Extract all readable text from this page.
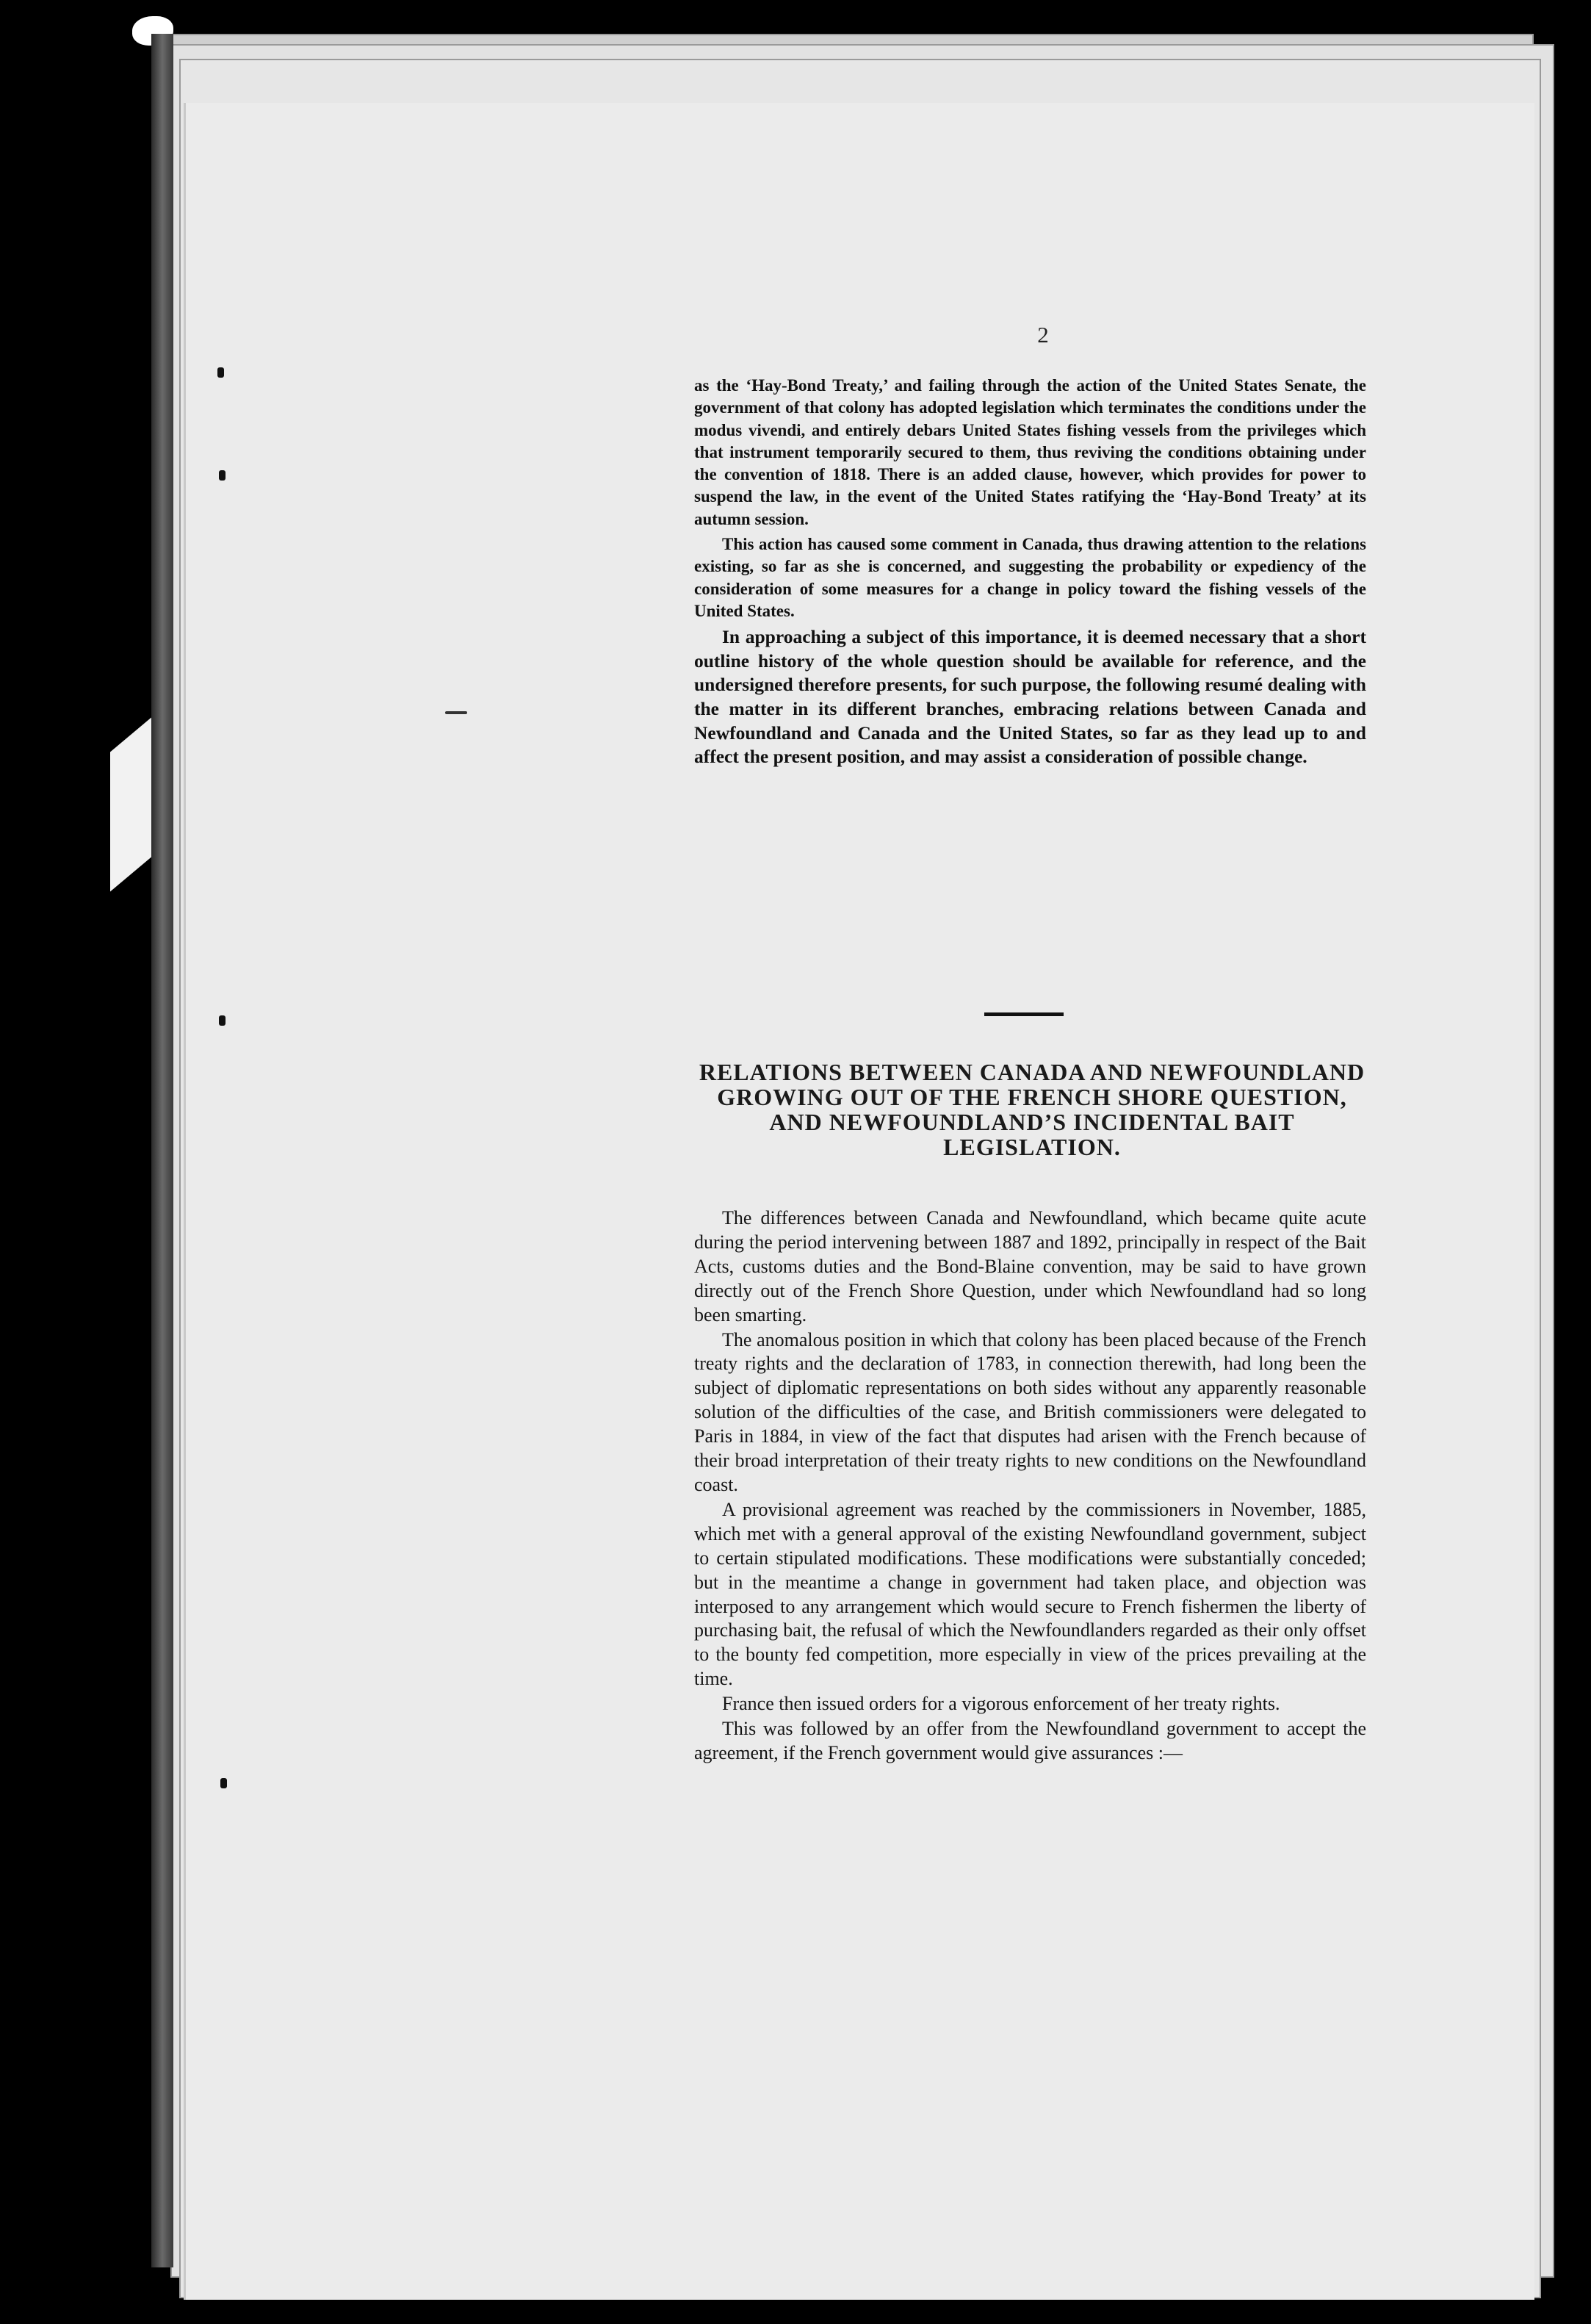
2

as the ‘Hay-Bond Treaty,’ and failing through the action of the United States Senate, the government of that colony has adopted legislation which terminates the conditions under the modus vivendi, and entirely debars United States fishing vessels from the privileges which that instrument temporarily secured to them, thus reviving the conditions obtaining under the convention of 1818. There is an added clause, however, which provides for power to suspend the law, in the event of the United States ratifying the ‘Hay-Bond Treaty’ at its autumn session.

This action has caused some comment in Canada, thus drawing attention to the relations existing, so far as she is concerned, and suggesting the probability or expediency of the consideration of some measures for a change in policy toward the fishing vessels of the United States.

In approaching a subject of this importance, it is deemed necessary that a short outline history of the whole question should be available for reference, and the undersigned therefore presents, for such purpose, the following resumé dealing with the matter in its different branches, embracing relations between Canada and Newfoundland and Canada and the United States, so far as they lead up to and affect the present position, and may assist a consideration of possible change.

RELATIONS BETWEEN CANADA AND NEWFOUNDLAND GROWING OUT OF THE FRENCH SHORE QUESTION, AND NEWFOUNDLAND’S INCIDENTAL BAIT LEGISLATION.

The differences between Canada and Newfoundland, which became quite acute during the period intervening between 1887 and 1892, principally in respect of the Bait Acts, customs duties and the Bond-Blaine convention, may be said to have grown directly out of the French Shore Question, under which Newfoundland had so long been smarting.

The anomalous position in which that colony has been placed because of the French treaty rights and the declaration of 1783, in connection therewith, had long been the subject of diplomatic representations on both sides without any apparently reasonable solution of the difficulties of the case, and British commissioners were delegated to Paris in 1884, in view of the fact that disputes had arisen with the French because of their broad interpretation of their treaty rights to new conditions on the Newfoundland coast.

A provisional agreement was reached by the commissioners in November, 1885, which met with a general approval of the existing Newfoundland government, subject to certain stipulated modifications. These modifications were substantially conceded; but in the meantime a change in government had taken place, and objection was interposed to any arrangement which would secure to French fishermen the liberty of purchasing bait, the refusal of which the Newfoundlanders regarded as their only offset to the bounty fed competition, more especially in view of the prices prevailing at the time.

France then issued orders for a vigorous enforcement of her treaty rights.

This was followed by an offer from the Newfoundland government to accept the agreement, if the French government would give assurances :—
